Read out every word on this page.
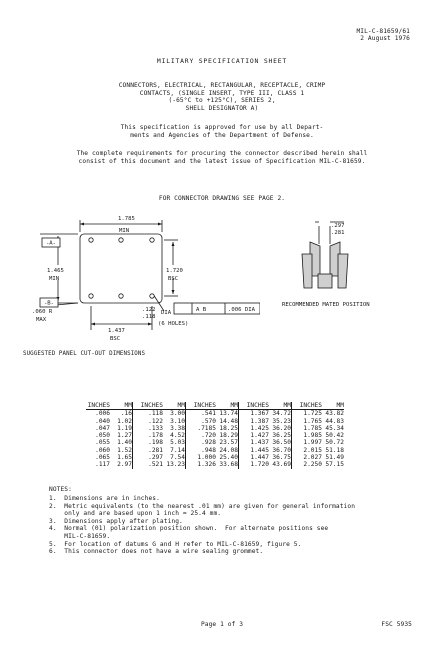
MIL-C-81659/61
2 August 1976
MILITARY SPECIFICATION SHEET
CONNECTORS, ELECTRICAL, RECTANGULAR, RECEPTACLE, CRIMP
CONTACTS, (SINGLE INSERT, TYPE III, CLASS 1
(-65°C to +125°C), SERIES 2,
SHELL DESIGNATOR A)
This specification is approved for use by all Depart-
ments and Agencies of the Department of Defense.
The complete requirements for procuring the connector described herein shall
consist of this document and the latest issue of Specification MIL-C-81659.
FOR CONNECTOR DRAWING SEE PAGE 2.
-A-
-B-
1.785
MIN
1.465
MIN
1.720
BSC
.060 R
MAX
.122
.118
DIA
(6 HOLES)
A B	.006 DIA
1.437
BSC
.297
.281
RECOMMENDED MATED POSITION
SUGGESTED PANEL CUT-OUT DIMENSIONS
INCHES	MM	INCHES	MM	INCHES	MM	INCHES	MM	INCHES	MM
.006	.16	.118	3.00	.541	13.74	1.367	34.72	1.725	43.82
.040	1.02	.122	3.10	.570	14.48	1.387	35.23	1.765	44.83
.047	1.19	.133	3.38	.7185	18.25	1.425	36.20	1.785	45.34
.050	1.27	.178	4.52	.720	18.29	1.427	36.25	1.985	50.42
.055	1.40	.198	5.03	.928	23.57	1.437	36.50	1.997	50.72
.060	1.52	.281	7.14	.948	24.08	1.445	36.70	2.015	51.18
.065	1.65	.297	7.54	1.000	25.40	1.447	36.75	2.027	51.49
.117	2.97	.521	13.23	1.326	33.68	1.720	43.69	2.250	57.15
NOTES:
1.  Dimensions are in inches.
2.  Metric equivalents (to the nearest .01 mm) are given for general information
only and are based upon 1 inch = 25.4 mm.
3.  Dimensions apply after plating.
4.  Normal (01) polarization position shown.  For alternate positions see
MIL-C-81659.
5.  For location of datums G and H refer to MIL-C-81659, figure 5.
6.  This connector does not have a wire sealing grommet.
Page 1 of 3	FSC 5935
